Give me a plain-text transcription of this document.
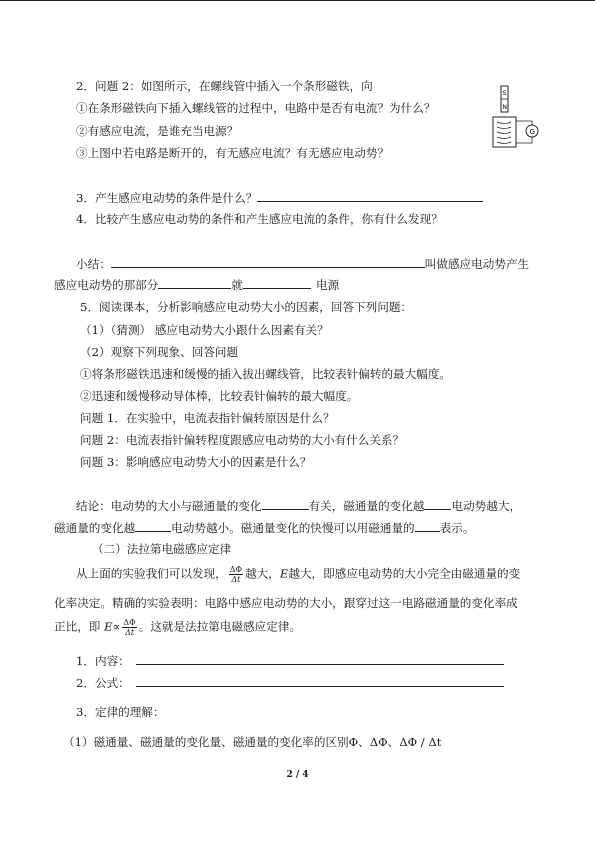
2．问题 2：如图所示，在螺线管中插入一个条形磁铁，向
①在条形磁铁向下插入螺线管的过程中，电路中是否有电流？为什么？
②有感应电流，是谁充当电源？
③上图中若电路是断开的，有无感应电流？有无感应电动势？
S
N
G
3．产生感应电动势的条件是什么？
4．比较产生感应电动势的条件和产生感应电流的条件，你有什么发现？
小结：	叫做感应电动势产生
感应电动势的那部分	就	电源
5．阅读课本，分析影响感应电动势大小的因素，回答下列问题：
（1）（猜测） 感应电动势大小跟什么因素有关？
（2）观察下列现象、回答问题
①将条形磁铁迅速和缓慢的插入拔出螺线管，比较表针偏转的最大幅度。
②迅速和缓慢移动导体棒，比较表针偏转的最大幅度。
问题 1．在实验中，电流表指针偏转原因是什么？
问题 2：电流表指针偏转程度跟感应电动势的大小有什么关系？
问题 3：影响感应电动势大小的因素是什么？
结论：电动势的大小与磁通量的变化	有关，磁通量的变化越 电动势越大，
磁通量的变化越	电动势越小。磁通量变化的快慢可以用磁通量的 表示。
（二）法拉第电磁感应定律
从上面的实验我们可以发现， $\frac{\Delta\Phi}{\Delta t}$ 越大，E越大，即感应电动势的大小完全由磁通量的变
化率决定。精确的实验表明：电路中感应电动势的大小，跟穿过这一电路磁通量的变化率成
正比，即 $E\propto \frac{\Delta\Phi}{\Delta t}$ 。这就是法拉第电磁感应定律。
1．内容：
2．公式：
3．定律的理解：
（1）磁通量、磁通量的变化量、磁通量的变化率的区别Φ、ΔΦ、ΔΦ / Δt
2 / 4
